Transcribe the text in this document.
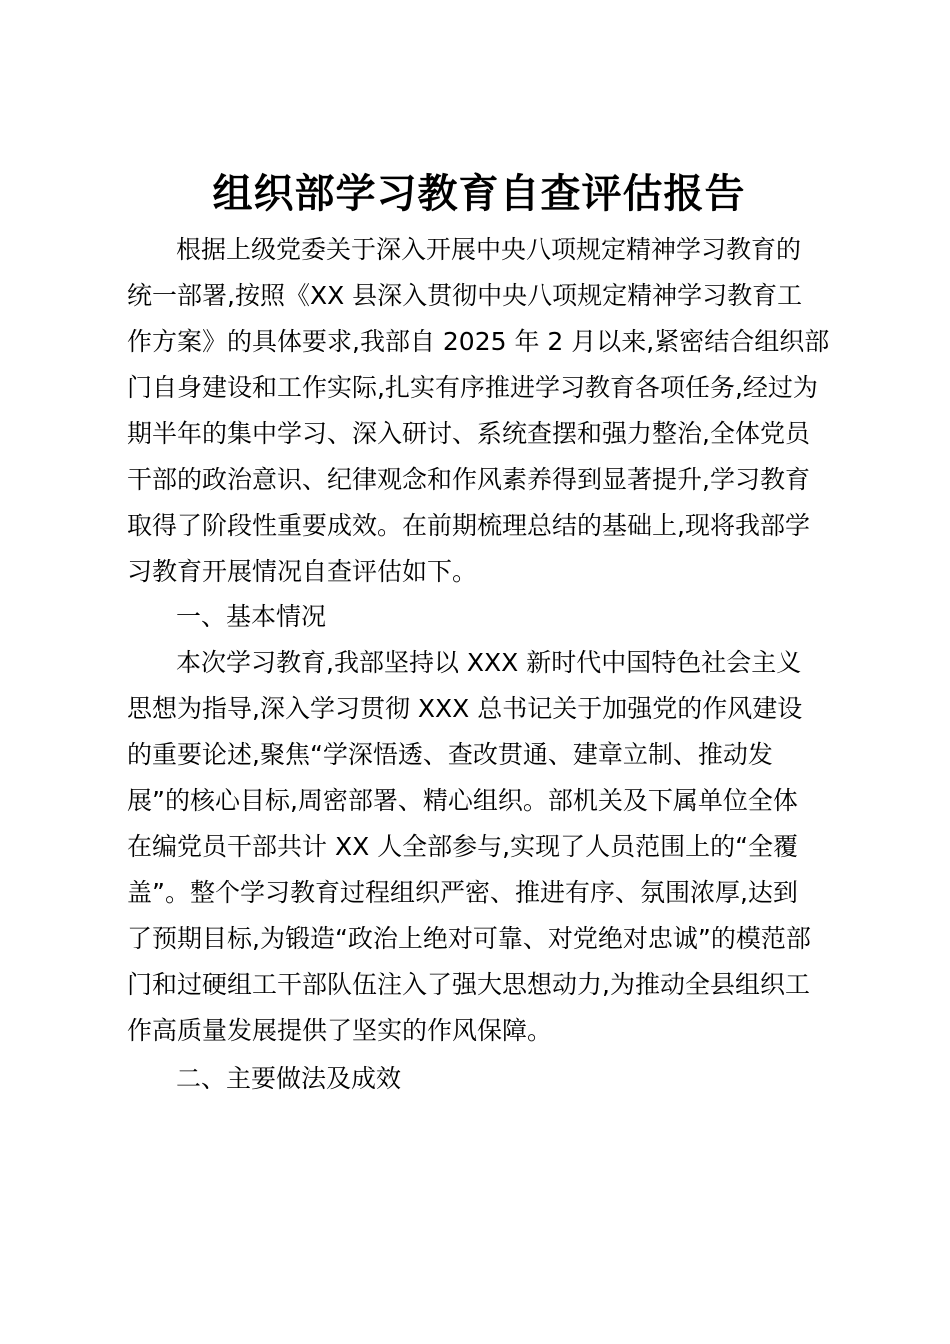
组织部学习教育自查评估报告

根据上级党委关于深入开展中央八项规定精神学习教育的

统一部署,按照《XX 县深入贯彻中央八项规定精神学习教育工

作方案》的具体要求,我部自 2025 年 2 月以来,紧密结合组织部

门自身建设和工作实际,扎实有序推进学习教育各项任务,经过为

期半年的集中学习、深入研讨、系统查摆和强力整治,全体党员

干部的政治意识、纪律观念和作风素养得到显著提升,学习教育

取得了阶段性重要成效。在前期梳理总结的基础上,现将我部学

习教育开展情况自查评估如下。

一、基本情况

本次学习教育,我部坚持以 XXX 新时代中国特色社会主义

思想为指导,深入学习贯彻 XXX 总书记关于加强党的作风建设

的重要论述,聚焦“学深悟透、查改贯通、建章立制、推动发

展”的核心目标,周密部署、精心组织。部机关及下属单位全体

在编党员干部共计 XX 人全部参与,实现了人员范围上的“全覆

盖”。整个学习教育过程组织严密、推进有序、氛围浓厚,达到

了预期目标,为锻造“政治上绝对可靠、对党绝对忠诚”的模范部

门和过硬组工干部队伍注入了强大思想动力,为推动全县组织工

作高质量发展提供了坚实的作风保障。

二、主要做法及成效
